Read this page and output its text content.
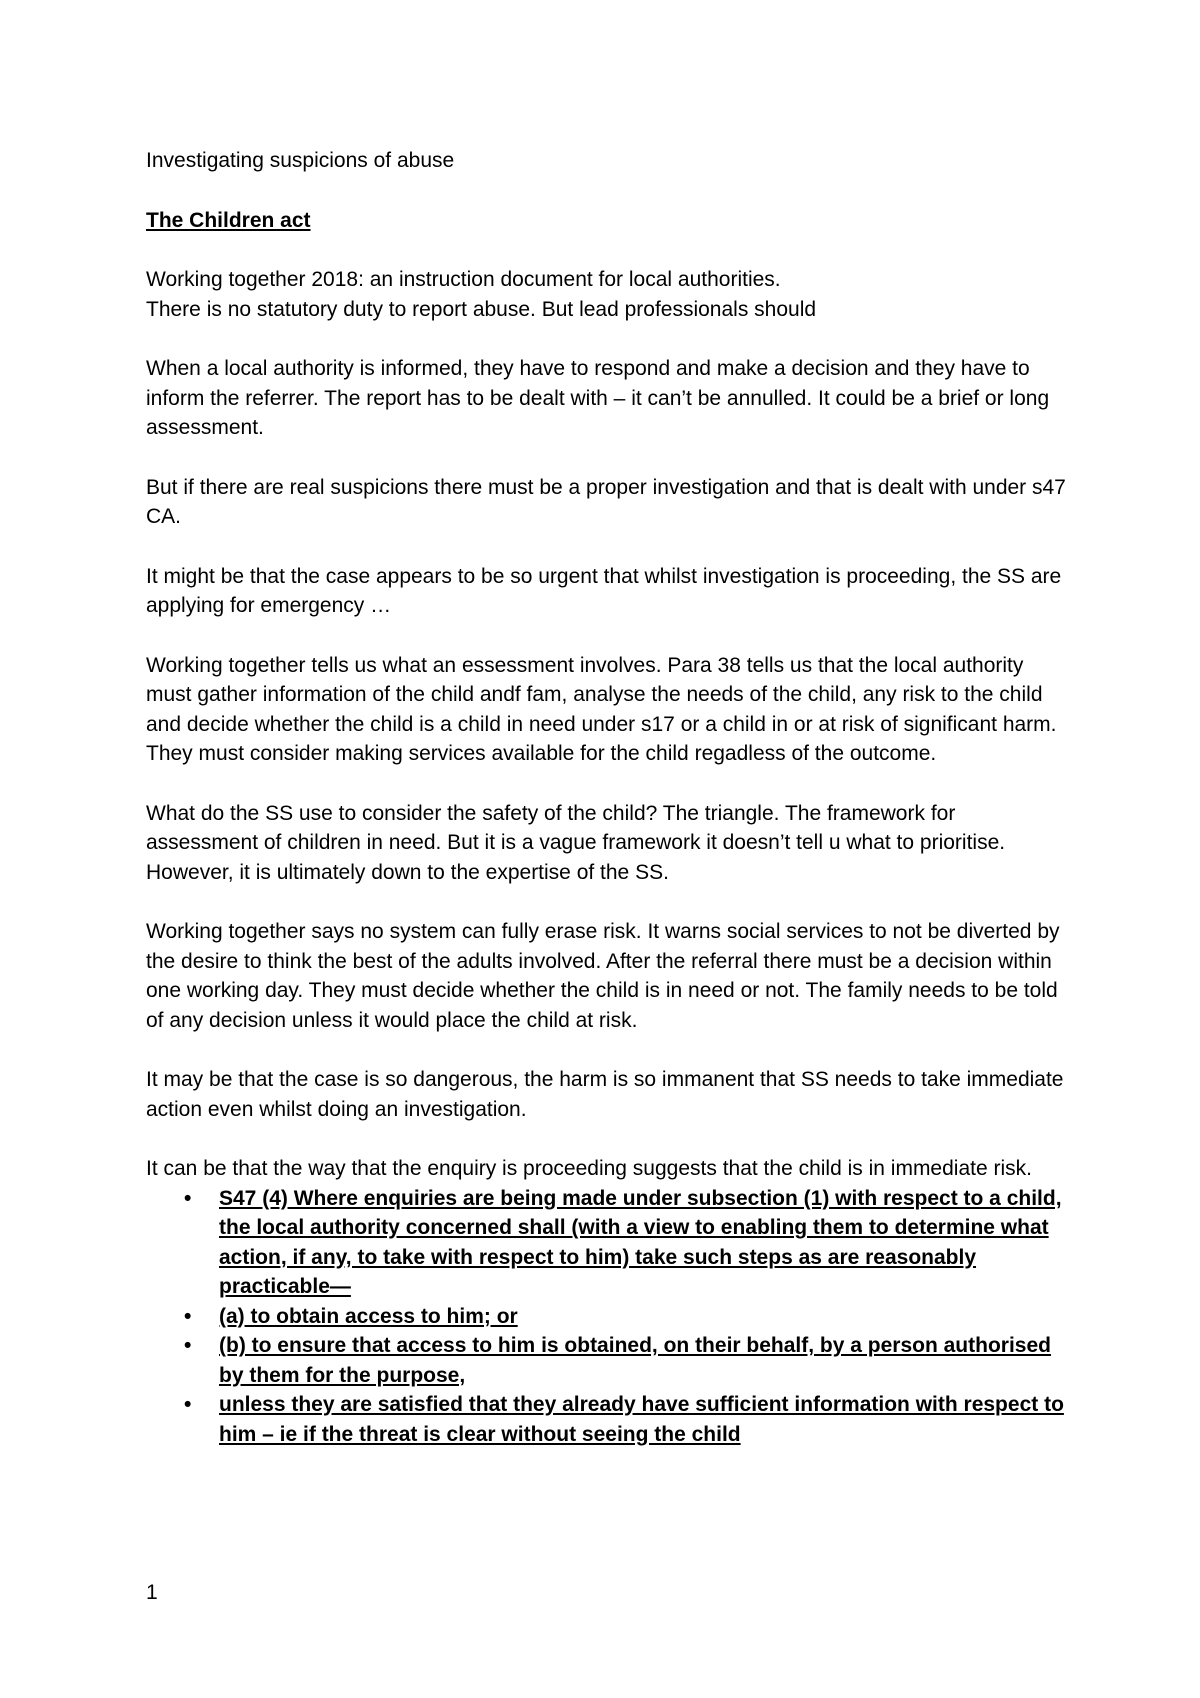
Investigating suspicions of abuse

The Children act

Working together 2018: an instruction document for local authorities.
There is no statutory duty to report abuse. But lead professionals should

When a local authority is informed, they have to respond and make a decision and they have to inform the referrer. The report has to be dealt with – it can’t be annulled. It could be a brief or long assessment.

But if there are real suspicions there must be a proper investigation and that is dealt with under s47 CA.

It might be that the case appears to be so urgent that whilst investigation is proceeding, the SS are applying for emergency …

Working together tells us what an essessment involves. Para 38 tells us that the local authority must gather information of the child andf fam, analyse the needs of the child, any risk to the child and decide whether the child is a child in need under s17 or a child in or at risk of significant harm. They must consider making services available for the child regadless of the outcome.

What do the SS use to consider the safety of the child? The triangle. The framework for assessment of children in need. But it is a vague framework it doesn’t tell u what to prioritise. However, it is ultimately down to the expertise of the SS.

Working together says no system can fully erase risk. It warns social services to not be diverted by the desire to think the best of the adults involved. After the referral there must be a decision within one working day. They must decide whether the child is in need or not. The family needs to be told of any decision unless it would place the child at risk.

It may be that the case is so dangerous, the harm is so immanent that SS needs to take immediate action even whilst doing an investigation.

It can be that the way that the enquiry is proceeding suggests that the child is in immediate risk.

• S47 (4) Where enquiries are being made under subsection (1) with respect to a child, the local authority concerned shall (with a view to enabling them to determine what action, if any, to take with respect to him) take such steps as are reasonably practicable—
• (a) to obtain access to him; or
• (b) to ensure that access to him is obtained, on their behalf, by a person authorised by them for the purpose,
• unless they are satisfied that they already have sufficient information with respect to him – ie if the threat is clear without seeing the child
1
